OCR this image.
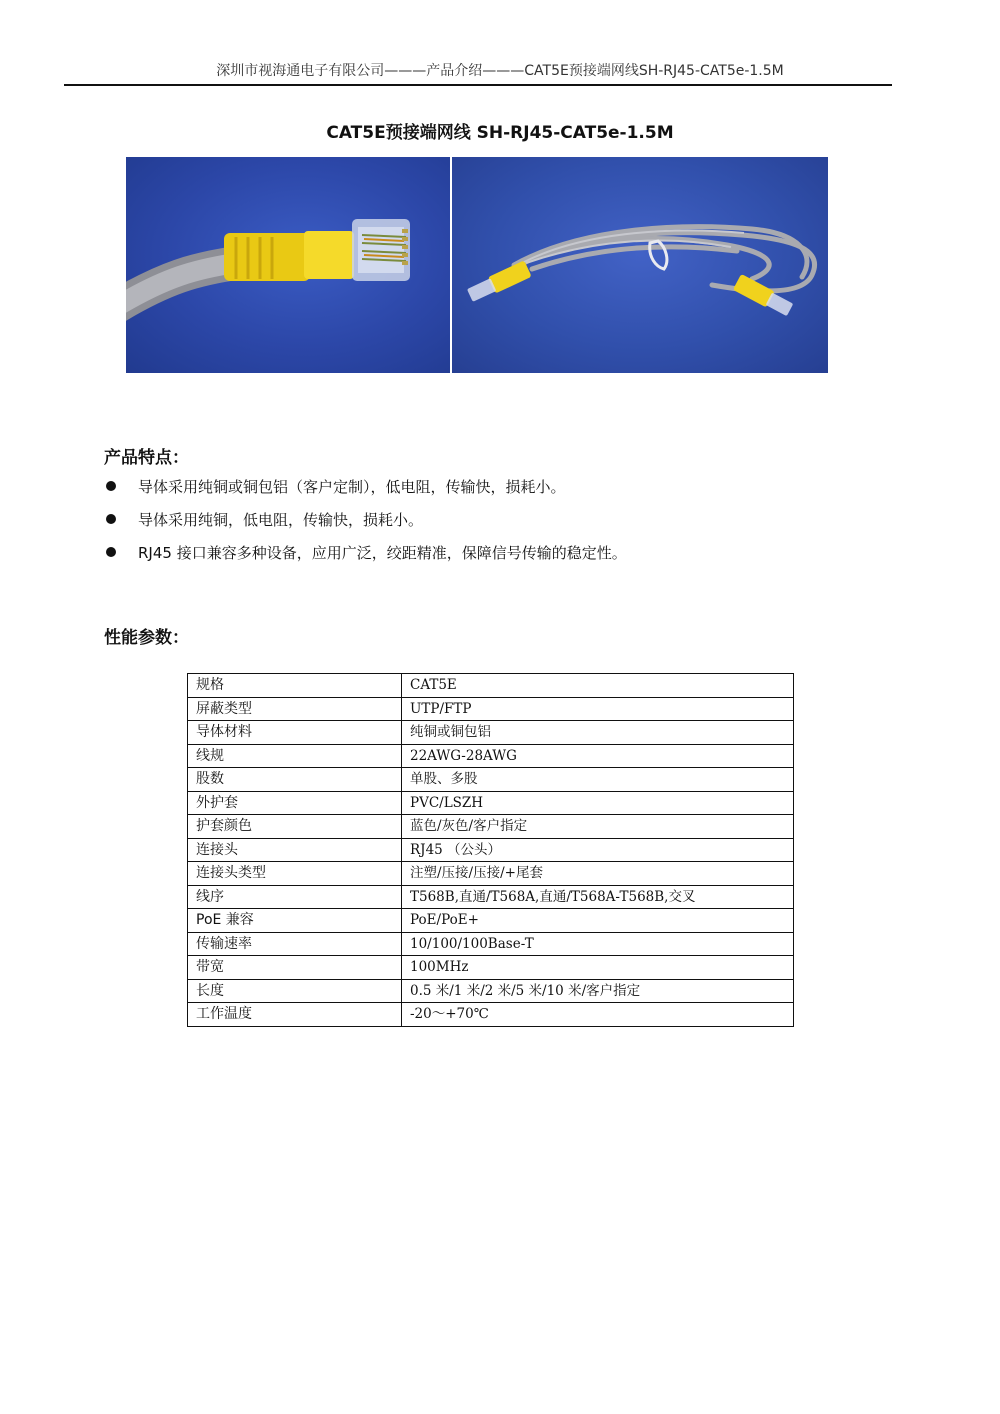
深圳市视海通电子有限公司———产品介绍———CAT5E预接端网线SH-RJ45-CAT5e-1.5M
CAT5E预接端网线 SH-RJ45-CAT5e-1.5M
产品特点：
导体采用纯铜或铜包铝（客户定制），低电阻，传输快，损耗小。
导体采用纯铜，低电阻，传输快，损耗小。
RJ45 接口兼容多种设备，应用广泛，绞距精准，保障信号传输的稳定性。
性能参数：
规格	CAT5E
屏蔽类型	UTP/FTP
导体材料	纯铜或铜包铝
线规	22AWG-28AWG
股数	单股、多股
外护套	PVC/LSZH
护套颜色	蓝色/灰色/客户指定
连接头	RJ45 （公头）
连接头类型	注塑/压接/压接/+尾套
线序	T568B,直通/T568A,直通/T568A-T568B,交叉
PoE 兼容	PoE/PoE+
传输速率	10/100/100Base-T
带宽	100MHz
长度	0.5 米/1 米/2 米/5 米/10 米/客户指定
工作温度	-20～+70℃
